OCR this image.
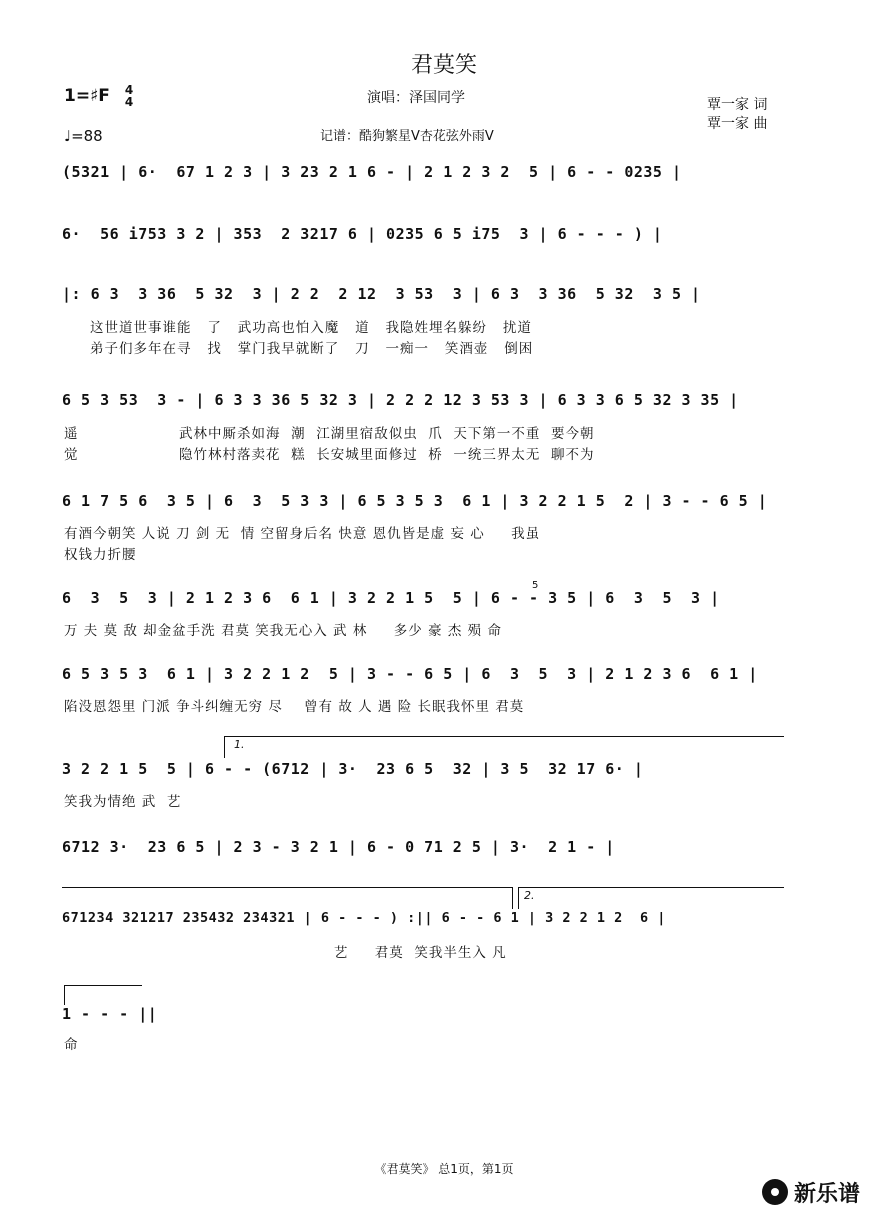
君莫笑
1=♯F 4
4	演唱：泽国同学	覃一家 词
覃一家 曲
♩=88	记谱：酷狗繁星V杏花弦外雨V
(5321 | 6·  67 1 2 3 | 3 23 2 1 6 - | 2 1 2 3 2  5 | 6 - - 0235 |
6·  56 i753 3 2 | 353  2 3217 6 | 0235 6 5 i75  3 | 6 - - - ) |
|: 6 3  3 36  5 32  3 | 2 2  2 12  3 53  3 | 6 3  3 36  5 32  3 5 |
这世道世事谁能   了   武功高也怕入魔   道   我隐姓埋名躲纷   扰道
弟子们多年在寻   找   掌门我早就断了   刀   一痴一   笑酒壶   倒困
6 5 3 53  3 - | 6 3 3 36 5 32 3 | 2 2 2 12 3 53 3 | 6 3 3 6 5 32 3 35 |
遥                   武林中厮杀如海  潮  江湖里宿敌似虫  爪  天下第一不重  要今朝
觉                   隐竹林村落卖花  糕  长安城里面修过  桥  一统三界太无  聊不为
6 1 7 5 6  3 5 | 6  3  5 3 3 | 6 5 3 5 3  6 1 | 3 2 2 1 5  2 | 3 - - 6 5 |
有酒今朝笑 人说 刀 剑 无  情 空留身后名 快意 恩仇皆是虚 妄 心     我虽
权钱力折腰
6  3  5  3 | 2 1 2 3 6  6 1 | 3 2 2 1 5  5 | 6 - - 3 5 | 6  3  5  3 |
5
万 夫 莫 敌 却金盆手洗 君莫 笑我无心入 武 林     多少 豪 杰 殒 命
6 5 3 5 3  6 1 | 3 2 2 1 2  5 | 3 - - 6 5 | 6  3  5  3 | 2 1 2 3 6  6 1 |
陷没恩怨里 门派 争斗纠缠无穷 尽    曾有 故 人 遇 险 长眠我怀里 君莫
1.
3 2 2 1 5  5 | 6 - - (6712 | 3·  23 6 5  32 | 3 5  32 17 6· |
笑我为情绝 武  艺
6712 3·  23 6 5 | 2 3 - 3 2 1 | 6 - 0 71 2 5 | 3·  2 1 - |
2.
671234 321217 235432 234321 | 6 - - - ) :|| 6 - - 6 1 | 3 2 2 1 2  6 |
艺     君莫  笑我半生入 凡
1 - - - ||
命
《君莫笑》 总1页，第1页
新乐谱
